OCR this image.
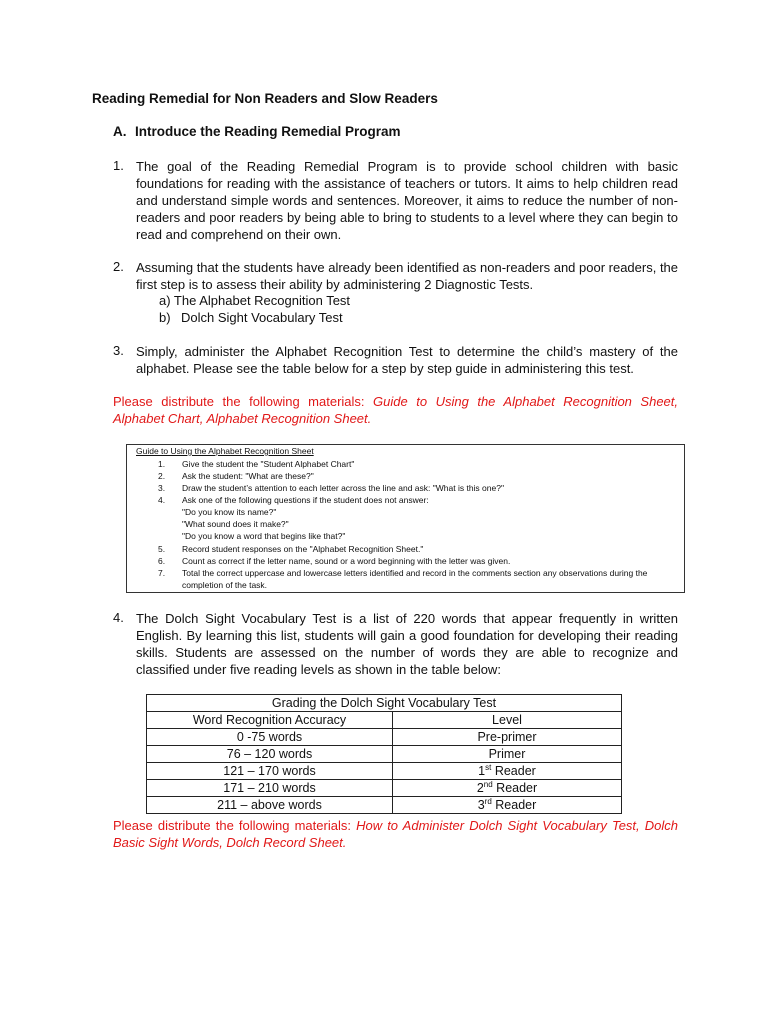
Reading Remedial for Non Readers and Slow Readers
A. Introduce the Reading Remedial Program
1. The goal of the Reading Remedial Program is to provide school children with basic foundations for reading with the assistance of teachers or tutors. It aims to help children read and understand simple words and sentences. Moreover, it aims to reduce the number of non-readers and poor readers by being able to bring to students to a level where they can begin to read and comprehend on their own.
2. Assuming that the students have already been identified as non-readers and poor readers, the first step is to assess their ability by administering 2 Diagnostic Tests.
a) The Alphabet Recognition Test
b) Dolch Sight Vocabulary Test
3. Simply, administer the Alphabet Recognition Test to determine the child’s mastery of the alphabet. Please see the table below for a step by step guide in administering this test.
Please distribute the following materials: Guide to Using the Alphabet Recognition Sheet, Alphabet Chart, Alphabet Recognition Sheet.
Guide to Using the Alphabet Recognition Sheet
1. Give the student the "Student Alphabet Chart"
2. Ask the student: "What are these?"
3. Draw the student’s attention to each letter across the line and ask: "What is this one?"
4. Ask one of the following questions if the student does not answer:
"Do you know its name?"
"What sound does it make?"
"Do you know a word that begins like that?"
5. Record student responses on the "Alphabet Recognition Sheet."
6. Count as correct if the letter name, sound or a word beginning with the letter was given.
7. Total the correct uppercase and lowercase letters identified and record in the comments section any observations during the completion of the task.
4. The Dolch Sight Vocabulary Test is a list of 220 words that appear frequently in written English. By learning this list, students will gain a good foundation for developing their reading skills. Students are assessed on the number of words they are able to recognize and classified under five reading levels as shown in the table below:
Grading the Dolch Sight Vocabulary Test	
Word Recognition Accuracy	Level
0 -75 words	Pre-primer
76 – 120 words	Primer
121 – 170 words	1st Reader
171 – 210 words	2nd Reader
211 – above words	3rd Reader
Please distribute the following materials: How to Administer Dolch Sight Vocabulary Test, Dolch Basic Sight Words, Dolch Record Sheet.
